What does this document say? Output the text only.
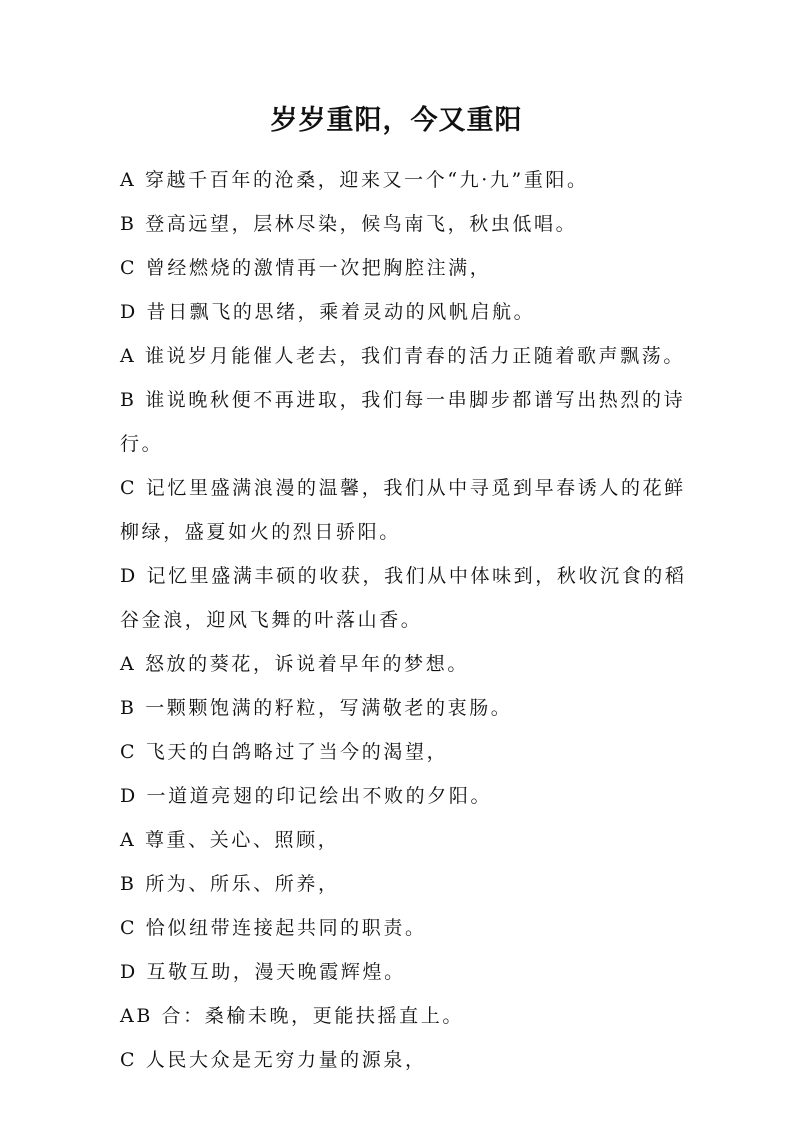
岁岁重阳，今又重阳
A 穿越千百年的沧桑，迎来又一个“九·九”重阳。
B 登高远望，层林尽染，候鸟南飞，秋虫低唱。
C 曾经燃烧的激情再一次把胸腔注满，
D 昔日飘飞的思绪，乘着灵动的风帆启航。
A 谁说岁月能催人老去，我们青春的活力正随着歌声飘荡。
B 谁说晚秋便不再进取，我们每一串脚步都谱写出热烈的诗
行。
C 记忆里盛满浪漫的温馨，我们从中寻觅到早春诱人的花鲜
柳绿，盛夏如火的烈日骄阳。
D 记忆里盛满丰硕的收获，我们从中体味到，秋收沉食的稻
谷金浪，迎风飞舞的叶落山香。
A 怒放的葵花，诉说着早年的梦想。
B 一颗颗饱满的籽粒，写满敬老的衷肠。
C 飞天的白鸽略过了当今的渴望，
D 一道道亮翅的印记绘出不败的夕阳。
A 尊重、关心、照顾，
B 所为、所乐、所养，
C 恰似纽带连接起共同的职责。
D 互敬互助，漫天晚霞辉煌。
AB 合：桑榆未晚，更能扶摇直上。
C 人民大众是无穷力量的源泉，
